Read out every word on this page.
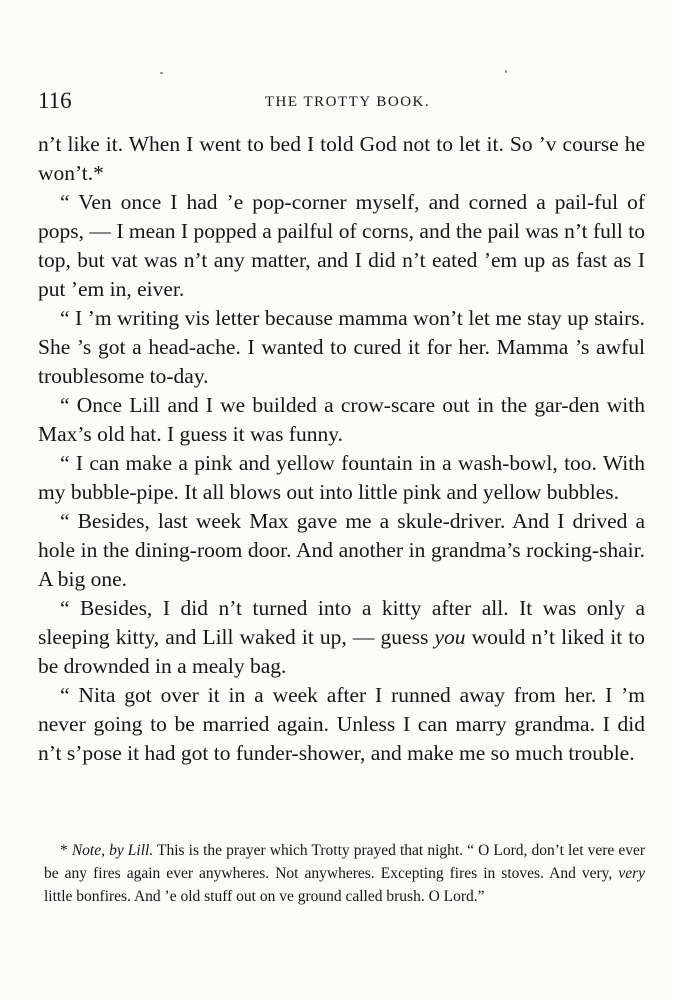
116	THE TROTTY BOOK.

n’t like it. When I went to bed I told God not to let it. So ’v course he won’t.*

“ Ven once I had ’e pop-corner myself, and corned a pail-ful of pops, — I mean I popped a pailful of corns, and the pail was n’t full to top, but vat was n’t any matter, and I did n’t eated ’em up as fast as I put ’em in, eiver.

“ I ’m writing vis letter because mamma won’t let me stay up stairs. She ’s got a head-ache. I wanted to cured it for her. Mamma ’s awful troublesome to-day.

“ Once Lill and I we builded a crow-scare out in the gar-den with Max’s old hat. I guess it was funny.

“ I can make a pink and yellow fountain in a wash-bowl, too. With my bubble-pipe. It all blows out into little pink and yellow bubbles.

“ Besides, last week Max gave me a skule-driver. And I drived a hole in the dining-room door. And another in grandma’s rocking-shair. A big one.

“ Besides, I did n’t turned into a kitty after all. It was only a sleeping kitty, and Lill waked it up, — guess you would n’t liked it to be drownded in a mealy bag.

“ Nita got over it in a week after I runned away from her. I ’m never going to be married again. Unless I can marry grandma. I did n’t s’pose it had got to funder-shower, and make me so much trouble.

* Note, by Lill. This is the prayer which Trotty prayed that night. “ O Lord, don’t let vere ever be any fires again ever anywheres. Not anywheres. Excepting fires in stoves. And very, very little bonfires. And ’e old stuff out on ve ground called brush. O Lord.”
